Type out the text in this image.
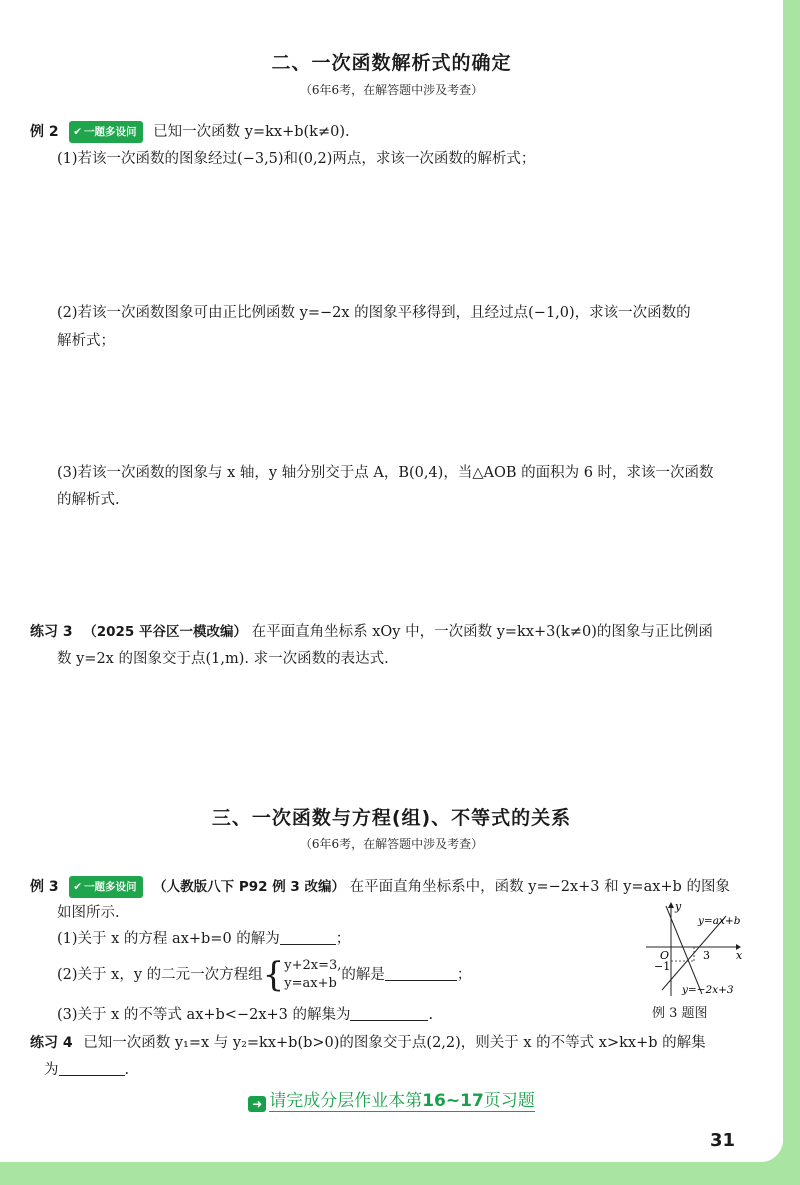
二、一次函数解析式的确定
（6年6考，在解答题中涉及考查）
例 2 ✔ 一题多设问 已知一次函数 y=kx+b(k≠0).
(1)若该一次函数的图象经过(−3,5)和(0,2)两点，求该一次函数的解析式；
(2)若该一次函数图象可由正比例函数 y=−2x 的图象平移得到，且经过点(−1,0)，求该一次函数的
解析式；
(3)若该一次函数的图象与 x 轴，y 轴分别交于点 A，B(0,4)，当△AOB 的面积为 6 时，求该一次函数
的解析式.
练习 3 （2025 平谷区一模改编） 在平面直角坐标系 xOy 中，一次函数 y=kx+3(k≠0)的图象与正比例函
数 y=2x 的图象交于点(1,m). 求一次函数的表达式.
三、一次函数与方程(组)、不等式的关系
（6年6考，在解答题中涉及考查）
例 3 ✔ 一题多设问 （人教版八下 P92 例 3 改编） 在平面直角坐标系中，函数 y=−2x+3 和 y=ax+b 的图象
如图所示.
(1)关于 x 的方程 ax+b=0 的解为	；
(2)关于 x，y 的二元一次方程组{ y+2x=3,
y=ax+b
的解是	；
(3)关于 x 的不等式 ax+b<−2x+3 的解集为	.
y
x
O
−1
3
y=ax+b
y=−2x+3
例 3 题图
练习 4 已知一次函数 y₁=x 与 y₂=kx+b(b>0)的图象交于点(2,2)，则关于 x 的不等式 x>kx+b 的解集
为	.
➜ 请完成分层作业本第16~17页习题
31
